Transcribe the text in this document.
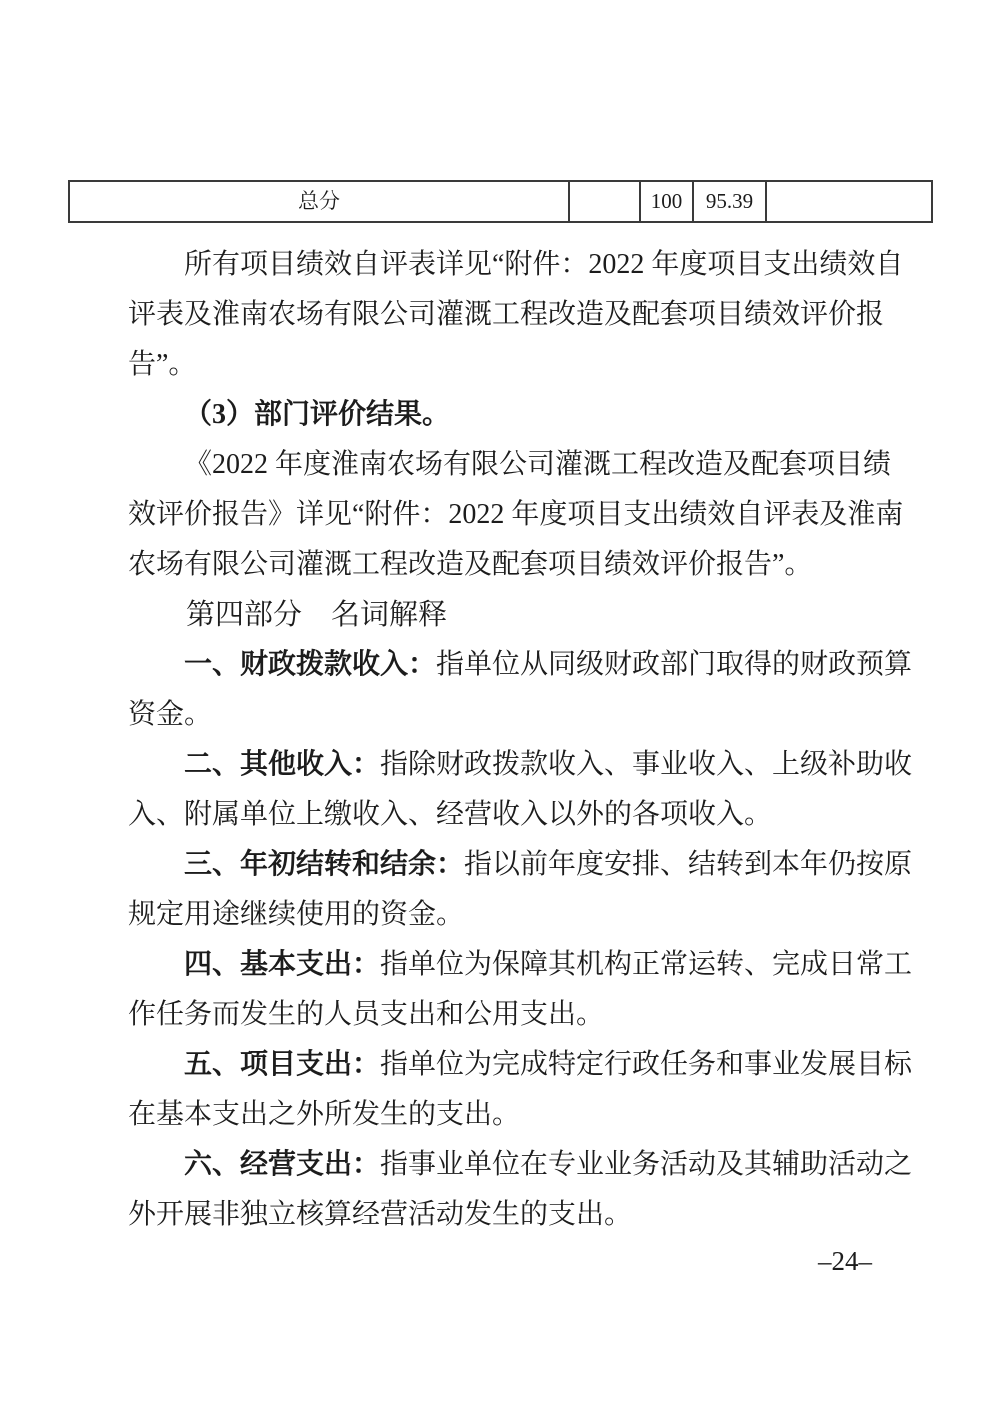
总分	100	95.39
所有项目绩效自评表详见“附件：2022 年度项目支出绩效自
评表及淮南农场有限公司灌溉工程改造及配套项目绩效评价报
告”。
（3）部门评价结果。
《2022 年度淮南农场有限公司灌溉工程改造及配套项目绩
效评价报告》详见“附件：2022 年度项目支出绩效自评表及淮南
农场有限公司灌溉工程改造及配套项目绩效评价报告”。
第四部分　名词解释
一、财政拨款收入：指单位从同级财政部门取得的财政预算
资金。
二、其他收入：指除财政拨款收入、事业收入、上级补助收
入、附属单位上缴收入、经营收入以外的各项收入。
三、年初结转和结余：指以前年度安排、结转到本年仍按原
规定用途继续使用的资金。
四、基本支出：指单位为保障其机构正常运转、完成日常工
作任务而发生的人员支出和公用支出。
五、项目支出：指单位为完成特定行政任务和事业发展目标
在基本支出之外所发生的支出。
六、经营支出：指事业单位在专业业务活动及其辅助活动之
外开展非独立核算经营活动发生的支出。
–24–
